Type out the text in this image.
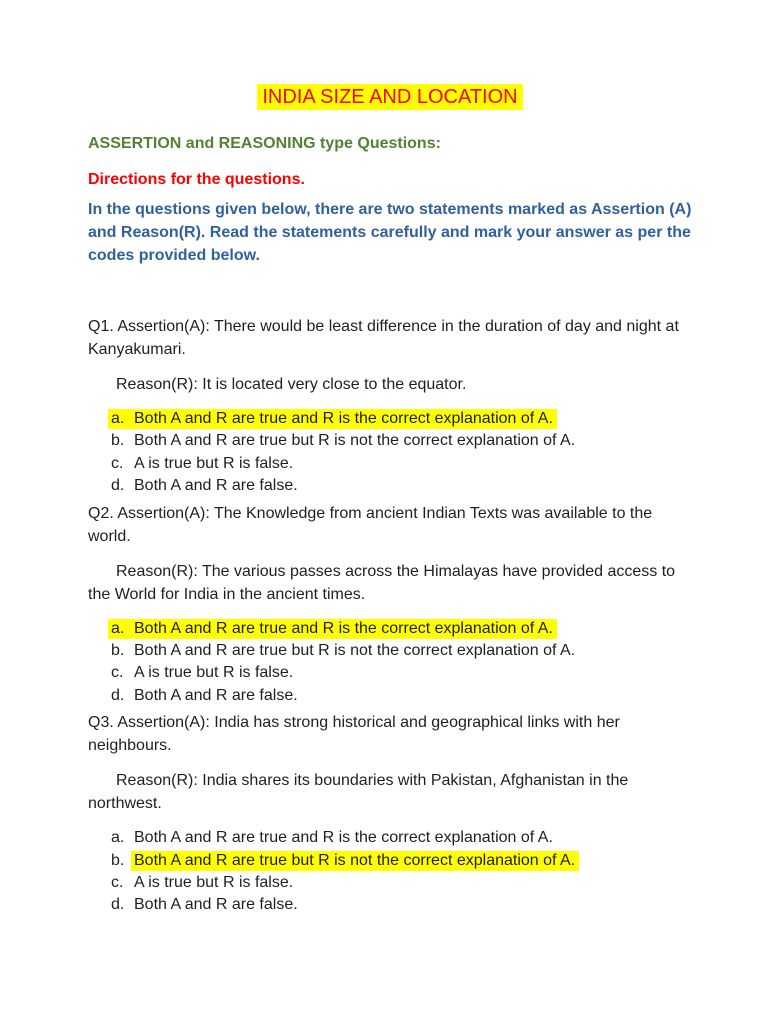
INDIA SIZE AND LOCATION

ASSERTION and REASONING type Questions:

Directions for the questions.

In the questions given below, there are two statements marked as Assertion (A) and Reason(R). Read the statements carefully and mark your answer as per the codes provided below.

Q1. Assertion(A): There would be least difference in the duration of day and night at Kanyakumari.

Reason(R): It is located very close to the equator.

a. Both A and R are true and R is the correct explanation of A.
b. Both A and R are true but R is not the correct explanation of A.
c. A is true but R is false.
d. Both A and R are false.

Q2. Assertion(A): The Knowledge from ancient Indian Texts was available to the world.

Reason(R): The various passes across the Himalayas have provided access to the World for India in the ancient times.

a. Both A and R are true and R is the correct explanation of A.
b. Both A and R are true but R is not the correct explanation of A.
c. A is true but R is false.
d. Both A and R are false.

Q3. Assertion(A): India has strong historical and geographical links with her neighbours.

Reason(R): India shares its boundaries with Pakistan, Afghanistan in the northwest.

a. Both A and R are true and R is the correct explanation of A.
b. Both A and R are true but R is not the correct explanation of A.
c. A is true but R is false.
d. Both A and R are false.
